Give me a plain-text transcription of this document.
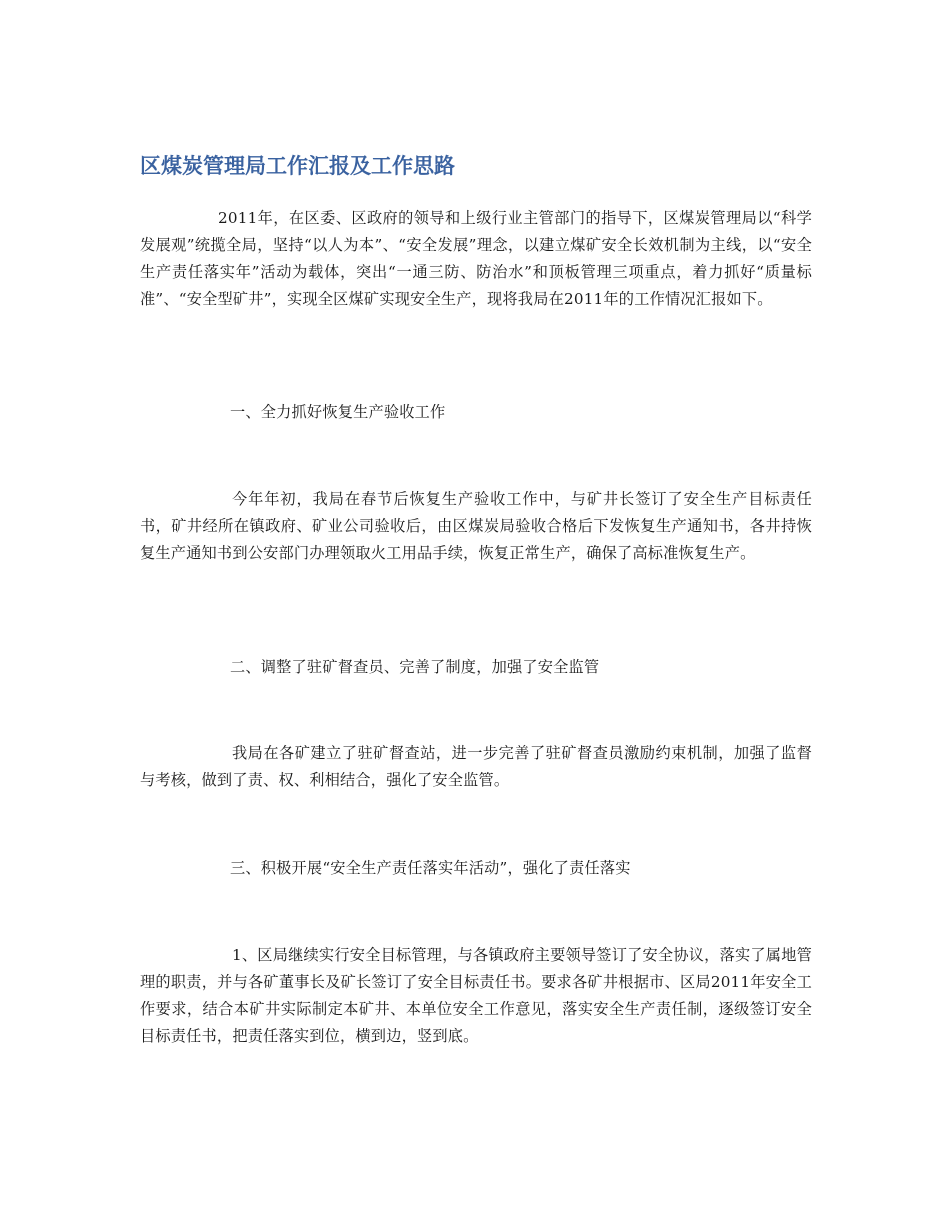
区煤炭管理局工作汇报及工作思路

2011年，在区委、区政府的领导和上级行业主管部门的指导下，区煤炭管理局以“科学发展观”统揽全局，坚持“以人为本”、“安全发展”理念，以建立煤矿安全长效机制为主线，以“安全生产责任落实年”活动为载体，突出“一通三防、防治水”和顶板管理三项重点，着力抓好“质量标准”、“安全型矿井”，实现全区煤矿实现安全生产，现将我局在2011年的工作情况汇报如下。

一、全力抓好恢复生产验收工作

今年年初，我局在春节后恢复生产验收工作中，与矿井长签订了安全生产目标责任书，矿井经所在镇政府、矿业公司验收后，由区煤炭局验收合格后下发恢复生产通知书，各井持恢复生产通知书到公安部门办理领取火工用品手续，恢复正常生产，确保了高标准恢复生产。

二、调整了驻矿督查员、完善了制度，加强了安全监管

我局在各矿建立了驻矿督查站，进一步完善了驻矿督查员激励约束机制，加强了监督与考核，做到了责、权、利相结合，强化了安全监管。

三、积极开展“安全生产责任落实年活动”，强化了责任落实

1、区局继续实行安全目标管理，与各镇政府主要领导签订了安全协议，落实了属地管理的职责，并与各矿董事长及矿长签订了安全目标责任书。要求各矿井根据市、区局2011年安全工作要求，结合本矿井实际制定本矿井、本单位安全工作意见，落实安全生产责任制，逐级签订安全目标责任书，把责任落实到位，横到边，竖到底。
